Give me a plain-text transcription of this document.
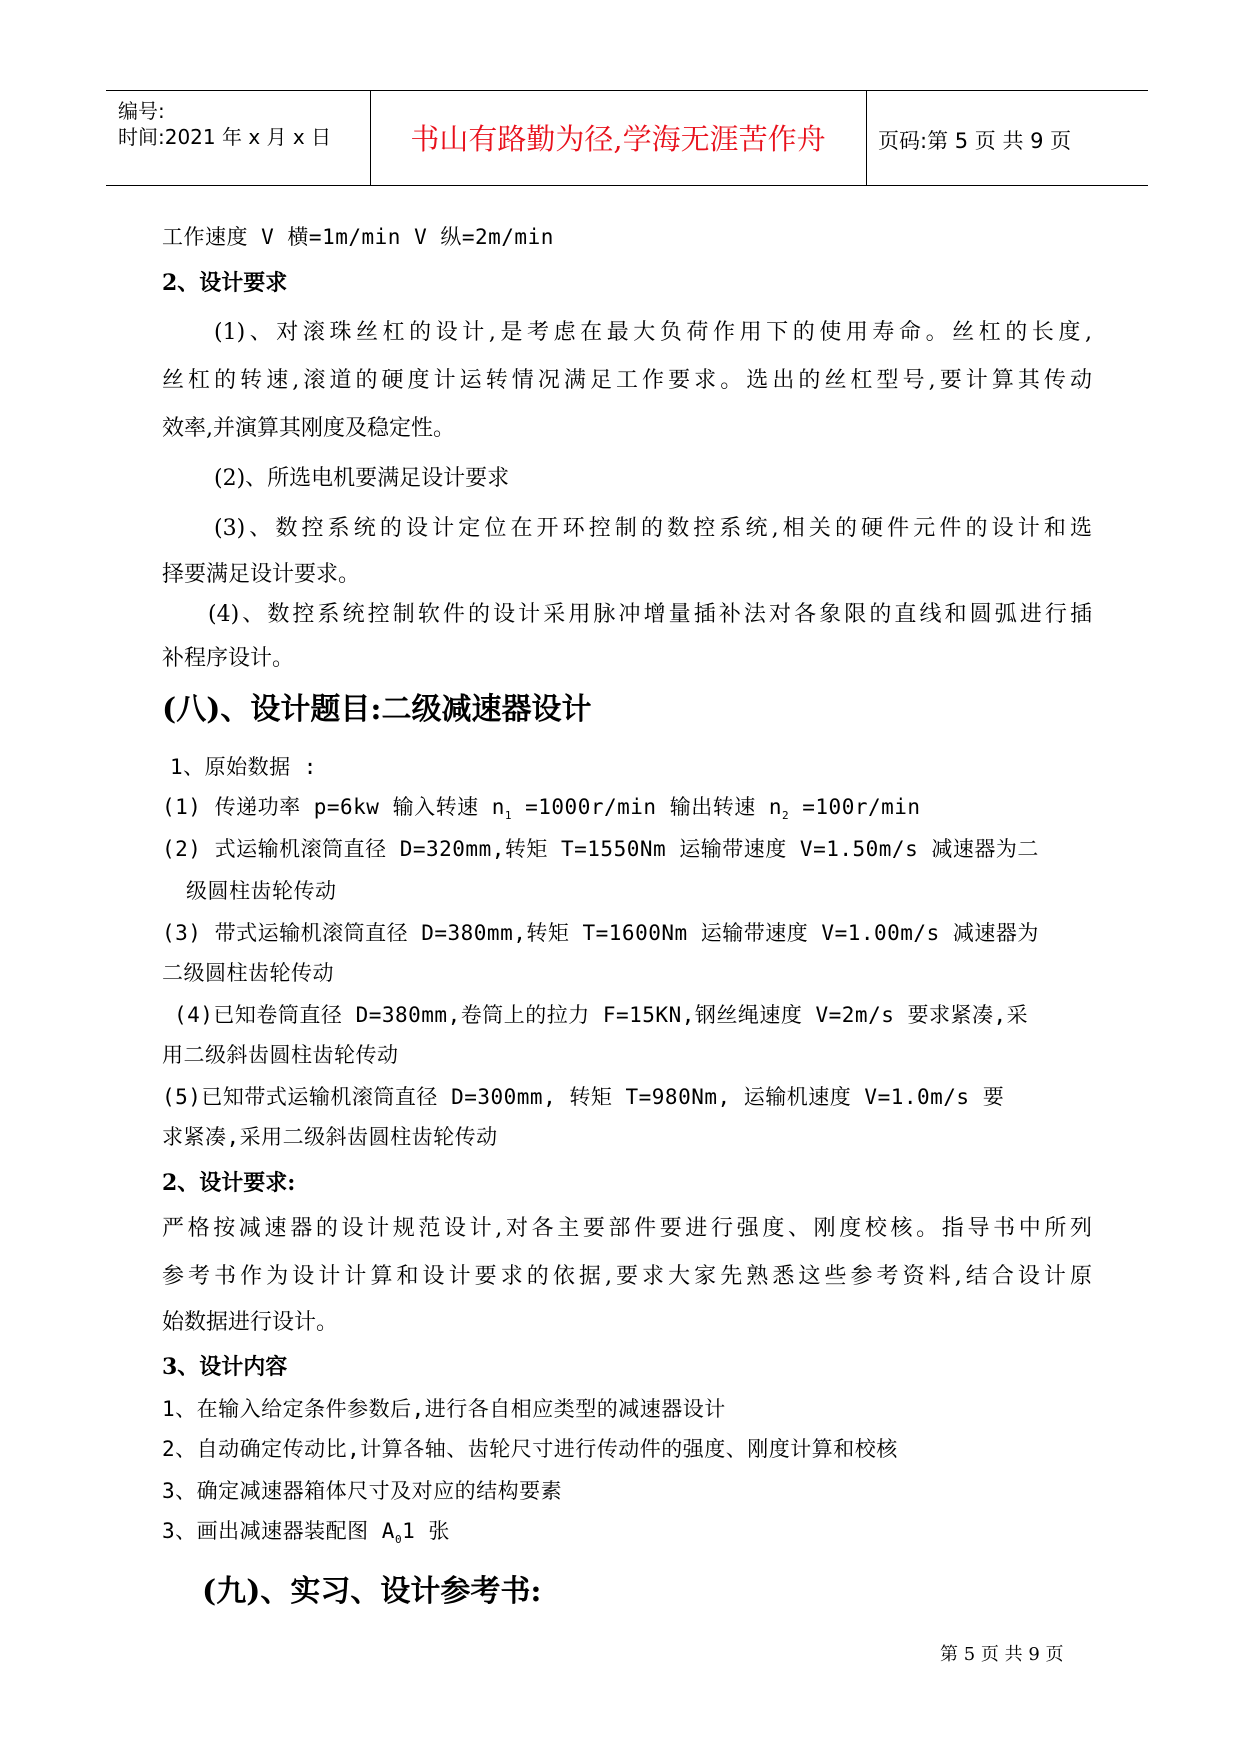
编号:
时间:2021 年 x 月 x 日	书山有路勤为径,学海无涯苦作舟	页码:第 5 页 共 9 页
工作速度 V 横=1m/min V 纵=2m/min
2、设计要求
(1)、对滚珠丝杠的设计,是考虑在最大负荷作用下的使用寿命。丝杠的长度,
丝杠的转速,滚道的硬度计运转情况满足工作要求。选出的丝杠型号,要计算其传动
效率,并演算其刚度及稳定性。
(2)、所选电机要满足设计要求
(3)、数控系统的设计定位在开环控制的数控系统,相关的硬件元件的设计和选
择要满足设计要求。
(4)、数控系统控制软件的设计采用脉冲增量插补法对各象限的直线和圆弧进行插
补程序设计。
(八)、设计题目:二级减速器设计
1、原始数据 :
(1) 传递功率 p=6kw 输入转速 $n_1 =1000r/\min$ 输出转速 $n_2 =100r/\min$
(2) 式运输机滚筒直径 D=320mm,转矩 T=1550Nm 运输带速度 V=1.50m/s 减速器为二
级圆柱齿轮传动
(3) 带式运输机滚筒直径 D=380mm,转矩 T=1600Nm 运输带速度 V=1.00m/s 减速器为
二级圆柱齿轮传动
(4)已知卷筒直径 D=380mm,卷筒上的拉力 F=15KN,钢丝绳速度 V=2m/s 要求紧凑,采
用二级斜齿圆柱齿轮传动
(5)已知带式运输机滚筒直径 D=300mm, 转矩 T=980Nm, 运输机速度 V=1.0m/s 要
求紧凑,采用二级斜齿圆柱齿轮传动
2、设计要求:
严格按减速器的设计规范设计,对各主要部件要进行强度、刚度校核。指导书中所列
参考书作为设计计算和设计要求的依据,要求大家先熟悉这些参考资料,结合设计原
始数据进行设计。
3、设计内容
1、在输入给定条件参数后,进行各自相应类型的减速器设计
2、自动确定传动比,计算各轴、齿轮尺寸进行传动件的强度、刚度计算和校核
3、确定减速器箱体尺寸及对应的结构要素
3、画出减速器装配图 $A_01$ 张
(九)、实习、设计参考书:
第 5 页 共 9 页
